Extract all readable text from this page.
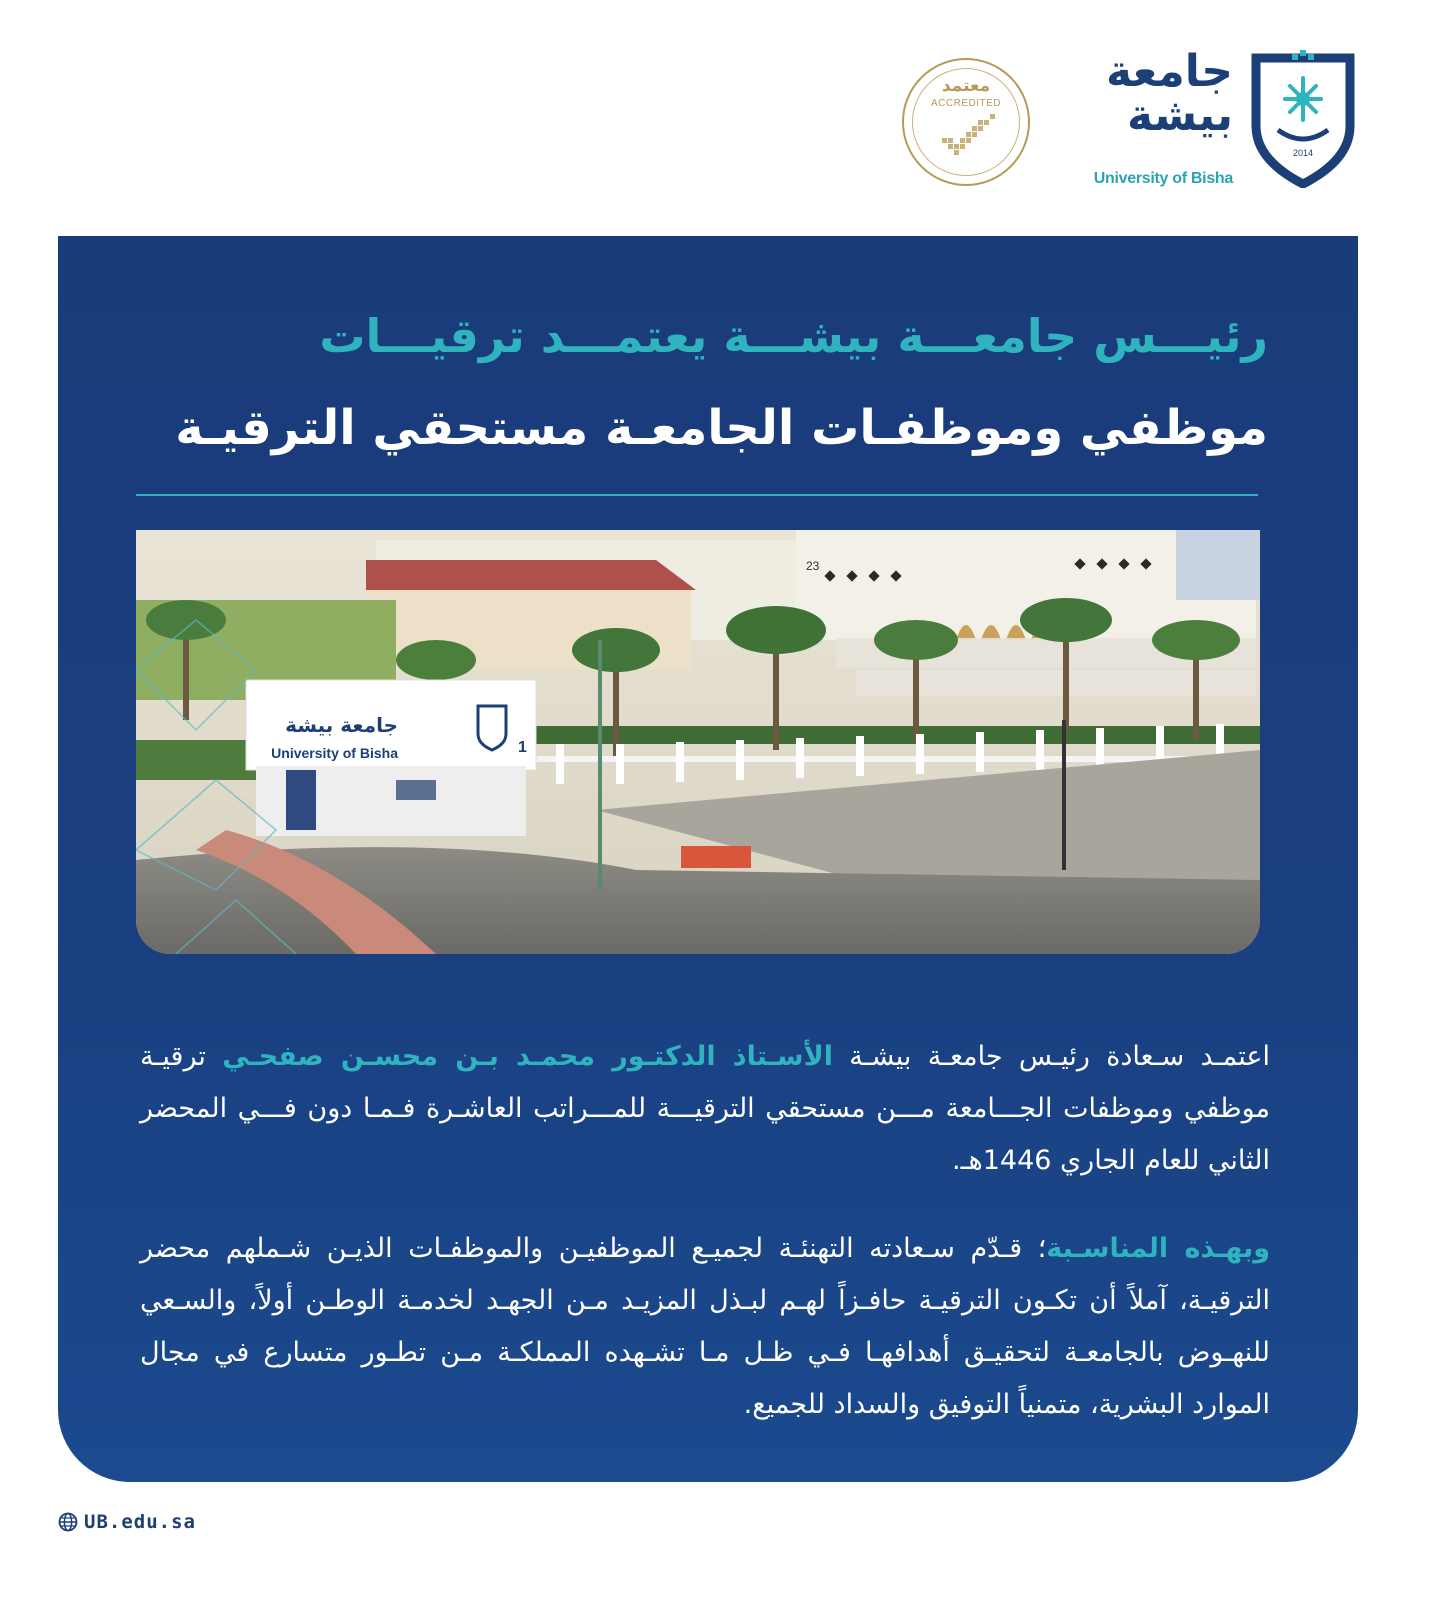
2014
جامعة
بيشة
University of Bisha
معتمد
ACCREDITED
رئيـــس جامعـــة بيشـــة يعتمـــد ترقيـــات
موظفي وموظفـات الجامعـة مستحقي الترقيـة
23
جامعة بيشة
University of Bisha	1

اعتمـد سـعادة رئيـس جامعـة بيشـة الأسـتاذ الدكتـور محمـد بـن محسـن صفحـي ترقيـة موظفي وموظفات الجـــامعة مـــن مستحقي الترقيـــة للمـــراتب العاشـرة فـمـا دون فـــي المحضر الثاني للعام الجاري 1446هـ.

وبهـذه المناسـبة؛ قـدّم سـعادته التهنئـة لجميـع الموظفيـن والموظفـات الذيـن شـملهم محضر الترقيـة، آملاً أن تكـون الترقيـة حافـزاً لهـم لبـذل المزيـد مـن الجهـد لخدمـة الوطـن أولاً، والسـعي للنهـوض بالجامعـة لتحقيـق أهدافهـا فـي ظـل مـا تشـهده المملكـة مـن تطـور متسارع في مجال الموارد البشرية، متمنياً التوفيق والسداد للجميع.

UB.edu.sa
